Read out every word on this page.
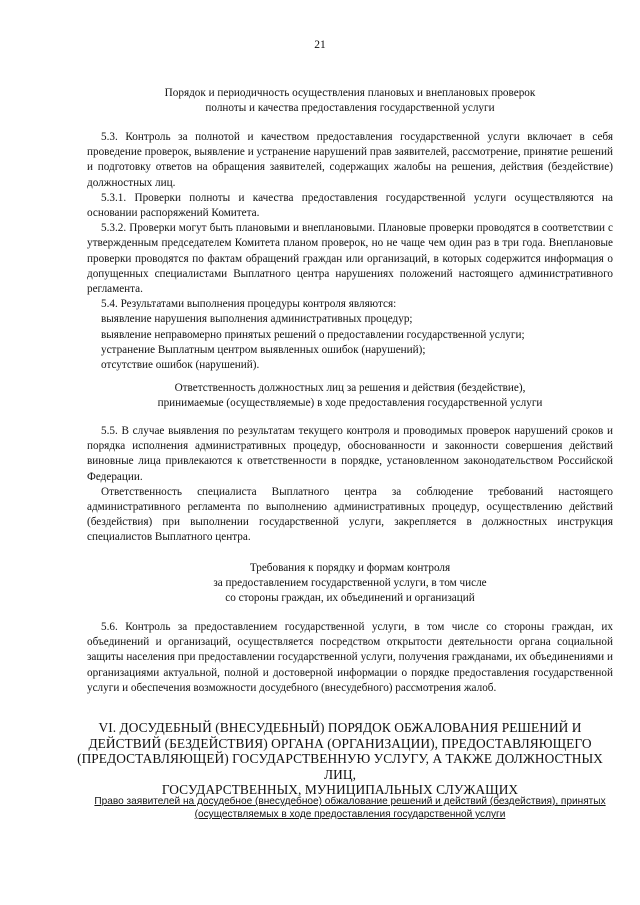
21

Порядок и периодичность осуществления плановых и внеплановых проверок

полноты и качества предоставления государственной услуги

5.3. Контроль за полнотой и качеством предоставления государственной услуги включает в себя проведение проверок, выявление и устранение нарушений прав заявителей, рассмотрение, принятие решений и подготовку ответов на обращения заявителей, содержащих жалобы на решения, действия (бездействие) должностных лиц.

5.3.1. Проверки полноты и качества предоставления государственной услуги осуществляются на основании распоряжений Комитета.

5.3.2. Проверки могут быть плановыми и внеплановыми. Плановые проверки проводятся в соответствии с утвержденным председателем Комитета планом проверок, но не чаще чем один раз в три года. Внеплановые проверки проводятся по фактам обращений граждан или организаций, в которых содержится информация о допущенных специалистами Выплатного центра нарушениях положений настоящего административного регламента.

5.4. Результатами выполнения процедуры контроля являются:

выявление нарушения выполнения административных процедур;

выявление неправомерно принятых решений о предоставлении государственной услуги;

устранение Выплатным центром выявленных ошибок (нарушений);

отсутствие ошибок (нарушений).

Ответственность должностных лиц за решения и действия (бездействие),

принимаемые (осуществляемые) в ходе предоставления государственной услуги

5.5. В случае выявления по результатам текущего контроля и проводимых проверок нарушений сроков и порядка исполнения административных процедур, обоснованности и законности совершения действий виновные лица привлекаются к ответственности в порядке, установленном законодательством Российской Федерации.

Ответственность специалиста Выплатного центра за соблюдение требований настоящего административного регламента по выполнению административных процедур, осуществлению действий (бездействия) при выполнении государственной услуги, закрепляется в должностных инструкция специалистов Выплатного центра.

Требования к порядку и формам контроля

за предоставлением государственной услуги, в том числе

со стороны граждан, их объединений и организаций

5.6. Контроль за предоставлением государственной услуги, в том числе со стороны граждан, их объединений и организаций, осуществляется посредством открытости деятельности органа социальной защиты населения при предоставлении государственной услуги, получения гражданами, их объединениями и организациями актуальной, полной и достоверной информации о порядке предоставления государственной услуги и обеспечения возможности досудебного (внесудебного) рассмотрения жалоб.

VI. ДОСУДЕБНЫЙ (ВНЕСУДЕБНЫЙ) ПОРЯДОК ОБЖАЛОВАНИЯ РЕШЕНИЙ И

ДЕЙСТВИЙ (БЕЗДЕЙСТВИЯ) ОРГАНА (ОРГАНИЗАЦИИ), ПРЕДОСТАВЛЯЮЩЕГО

(ПРЕДОСТАВЛЯЮЩЕЙ) ГОСУДАРСТВЕННУЮ УСЛУГУ, А ТАКЖЕ ДОЛЖНОСТНЫХ ЛИЦ,

ГОСУДАРСТВЕННЫХ, МУНИЦИПАЛЬНЫХ СЛУЖАЩИХ

Право заявителей на досудебное (внесудебное) обжалование решений и действий (бездействия), принятых

(осуществляемых в ходе предоставления государственной услуги
